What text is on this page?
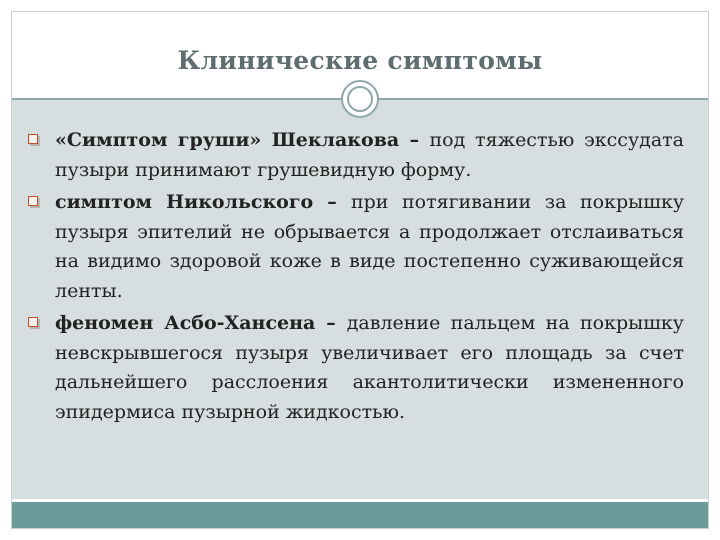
Клинические симптомы
«Симптом груши» Шеклакова – под тяжестью экссудата пузыри принимают грушевидную форму.
симптом Никольского – при потягивании за покрышку пузыря эпителий не обрывается а продолжает отслаиваться на видимо здоровой коже в виде постепенно суживающейся ленты.
феномен Асбо-Хансена – давление пальцем на покрышку невскрывшегося пузыря увеличивает его площадь за счет дальнейшего расслоения акантолитически измененного эпидермиса пузырной жидкостью.
